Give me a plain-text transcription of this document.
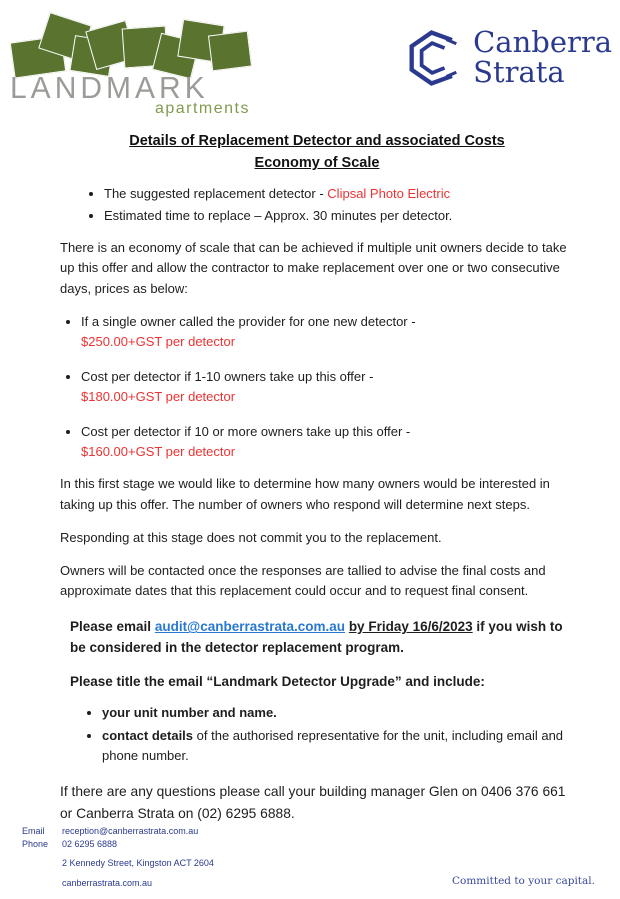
LANDMARK
apartments
Canberra
Strata
Details of Replacement Detector and associated Costs
Economy of Scale
• The suggested replacement detector - Clipsal Photo Electric
• Estimated time to replace – Approx. 30 minutes per detector.

There is an economy of scale that can be achieved if multiple unit owners decide to take up this offer and allow the contractor to make replacement over one or two consecutive days, prices as below:

• If a single owner called the provider for one new detector -
$250.00+GST per detector
• Cost per detector if 1-10 owners take up this offer -
$180.00+GST per detector
• Cost per detector if 10 or more owners take up this offer -
$160.00+GST per detector

In this first stage we would like to determine how many owners would be interested in taking up this offer. The number of owners who respond will determine next steps.

Responding at this stage does not commit you to the replacement.

Owners will be contacted once the responses are tallied to advise the final costs and approximate dates that this replacement could occur and to request final consent.

Please email audit@canberrastrata.com.au by Friday 16/6/2023 if you wish to be considered in the detector replacement program.

Please title the email “Landmark Detector Upgrade” and include:

• your unit number and name.
• contact details of the authorised representative for the unit, including email and phone number.

If there are any questions please call your building manager Glen on 0406 376 661 or Canberra Strata on (02) 6295 6888.

Email	reception@canberrastrata.com.au
Phone	02 6295 6888
2 Kennedy Street, Kingston ACT 2604
canberrastrata.com.au	Committed to your capital.
